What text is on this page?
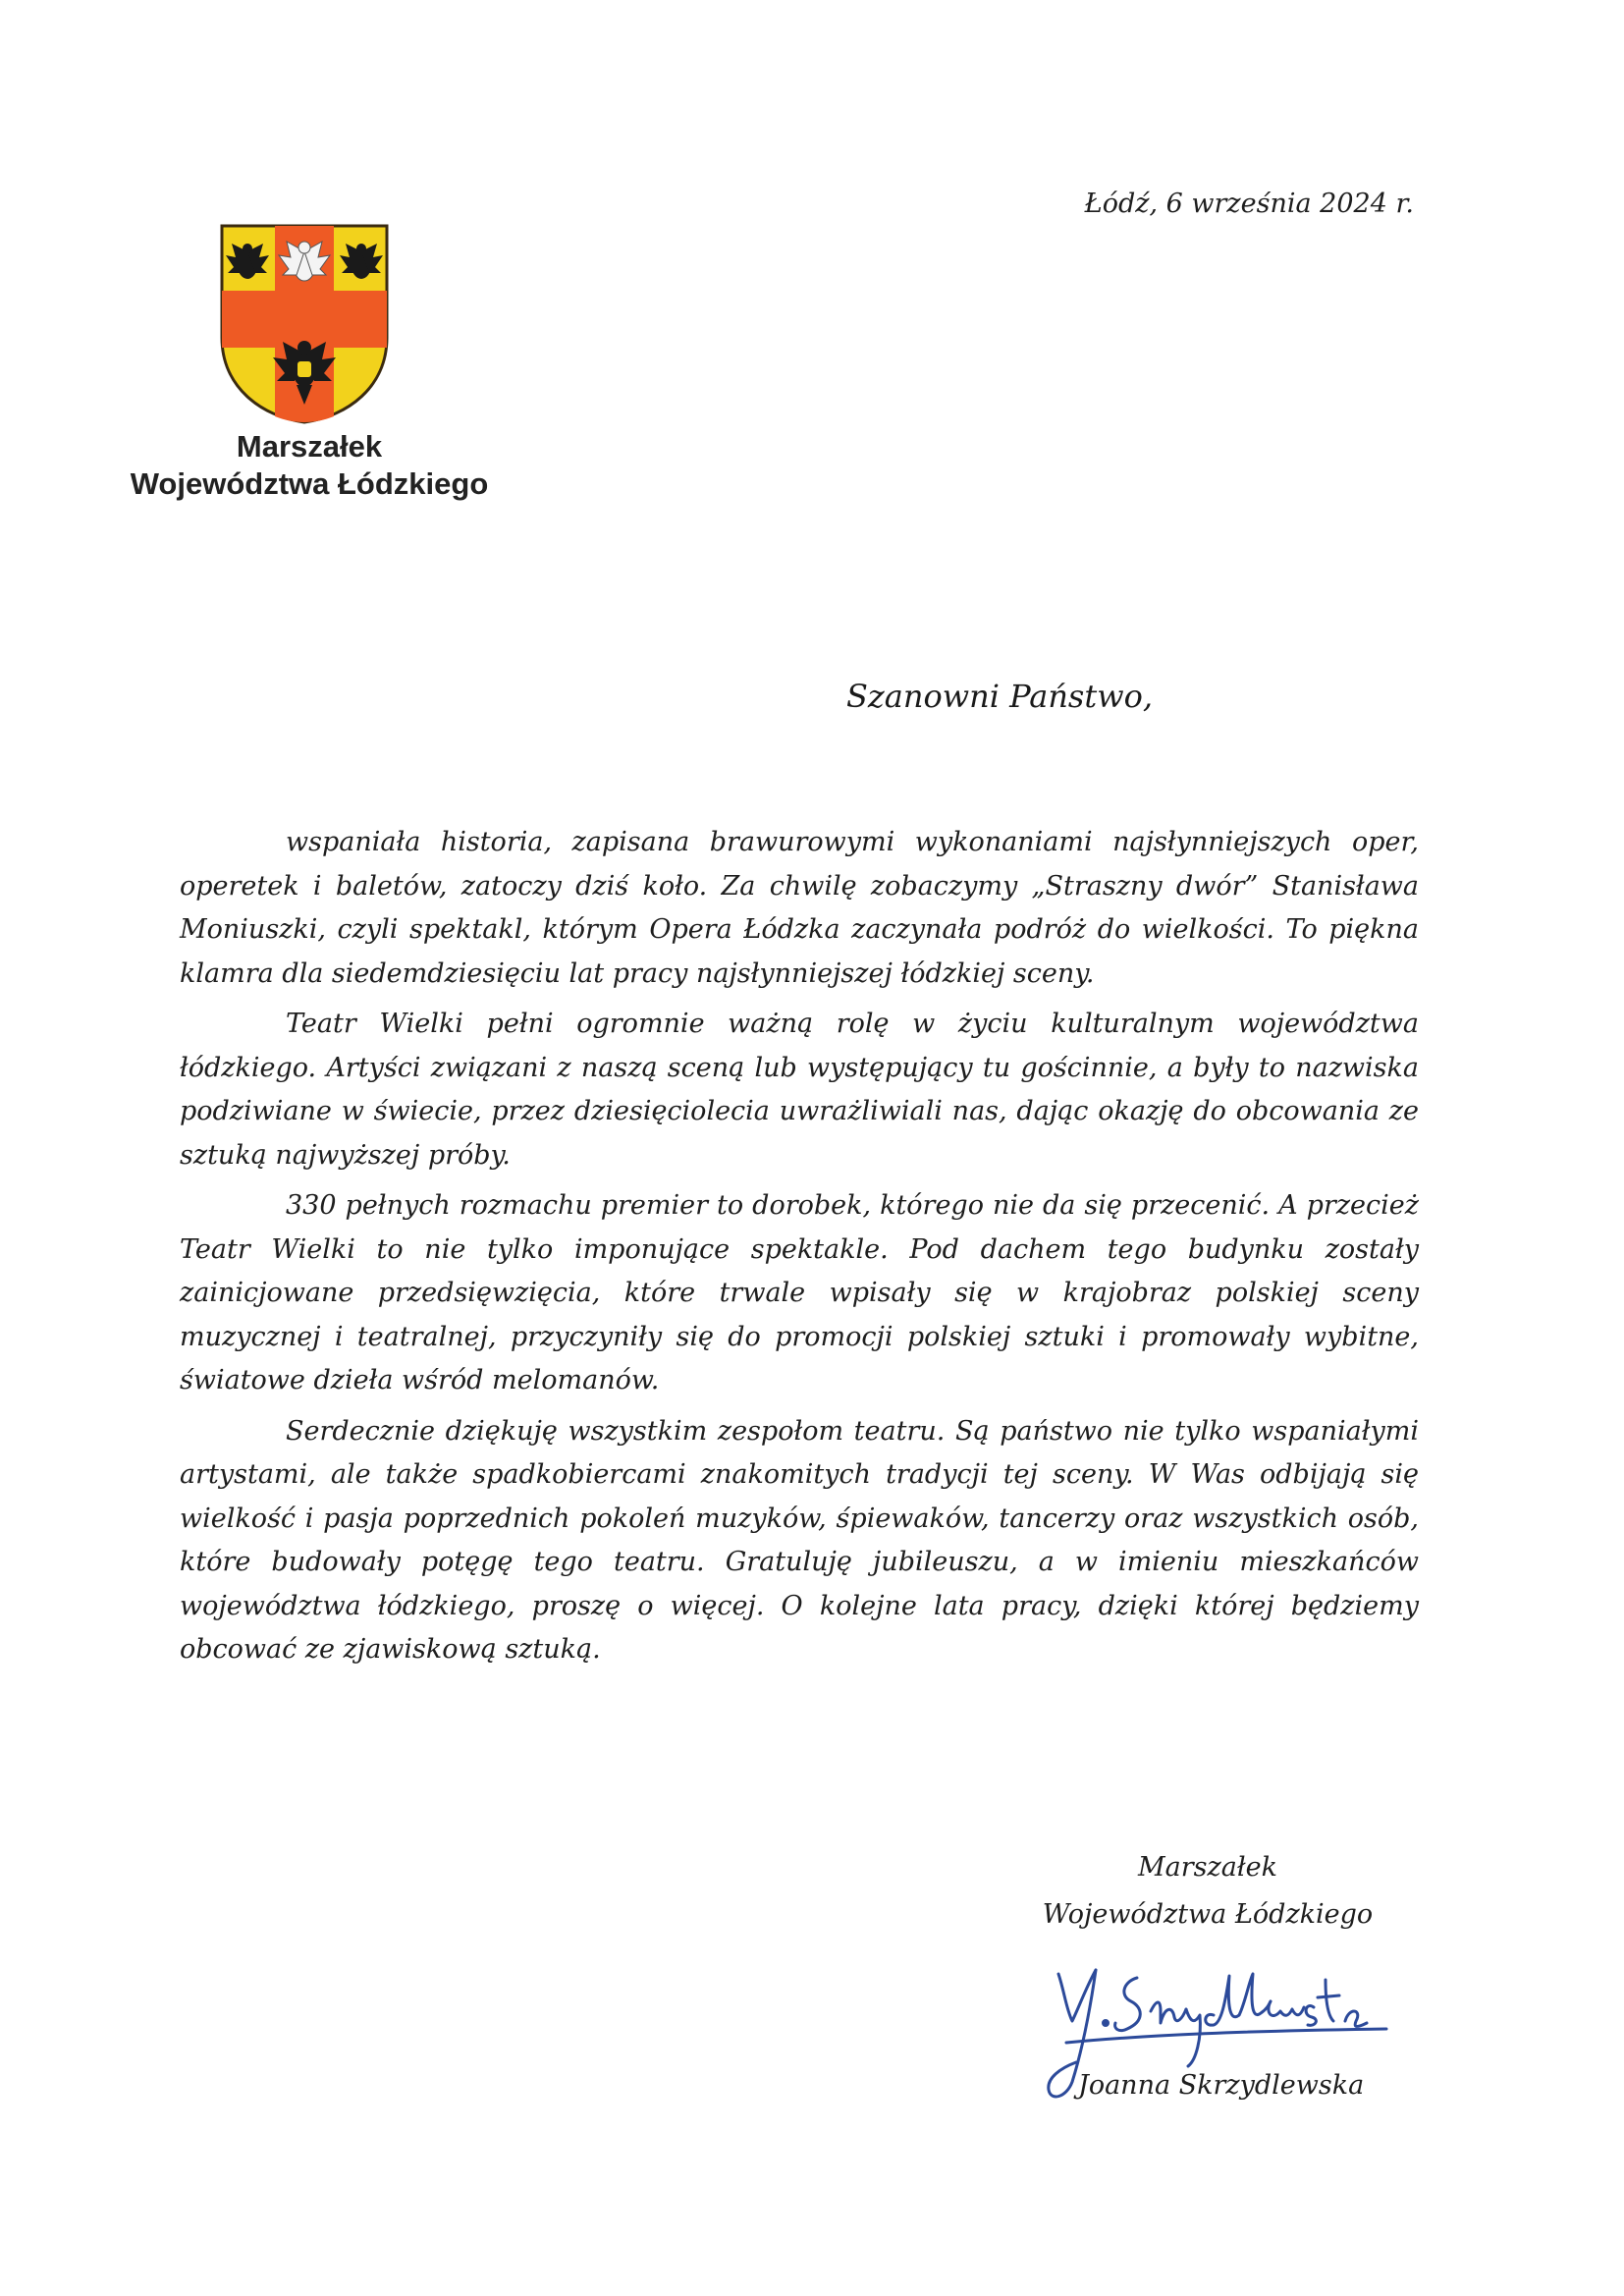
Łódź, 6 września 2024 r.
Marszałek
Województwa Łódzkiego
Szanowni Państwo,

wspaniała historia, zapisana brawurowymi wykonaniami najsłynniejszych oper, operetek i baletów, zatoczy dziś koło. Za chwilę zobaczymy „Straszny dwór” Stanisława Moniuszki, czyli spektakl, którym Opera Łódzka zaczynała podróż do wielkości. To piękna klamra dla siedemdziesięciu lat pracy najsłynniejszej łódzkiej sceny.

Teatr Wielki pełni ogromnie ważną rolę w życiu kulturalnym województwa łódzkiego. Artyści związani z naszą sceną lub występujący tu gościnnie, a były to nazwiska podziwiane w świecie, przez dziesięciolecia uwrażliwiali nas, dając okazję do obcowania ze sztuką najwyższej próby.

330 pełnych rozmachu premier to dorobek, którego nie da się przecenić. A przecież Teatr Wielki to nie tylko imponujące spektakle. Pod dachem tego budynku zostały zainicjowane przedsięwzięcia, które trwale wpisały się w krajobraz polskiej sceny muzycznej i teatralnej, przyczyniły się do promocji polskiej sztuki i promowały wybitne, światowe dzieła wśród melomanów.

Serdecznie dziękuję wszystkim zespołom teatru. Są państwo nie tylko wspaniałymi artystami, ale także spadkobiercami znakomitych tradycji tej sceny. W Was odbijają się wielkość i pasja poprzednich pokoleń muzyków, śpiewaków, tancerzy oraz wszystkich osób, które budowały potęgę tego teatru. Gratuluję jubileuszu, a w imieniu mieszkańców województwa łódzkiego, proszę o więcej. O kolejne lata pracy, dzięki której będziemy obcować ze zjawiskową sztuką.

Marszałek
Województwa Łódzkiego
Joanna Skrzydlewska
